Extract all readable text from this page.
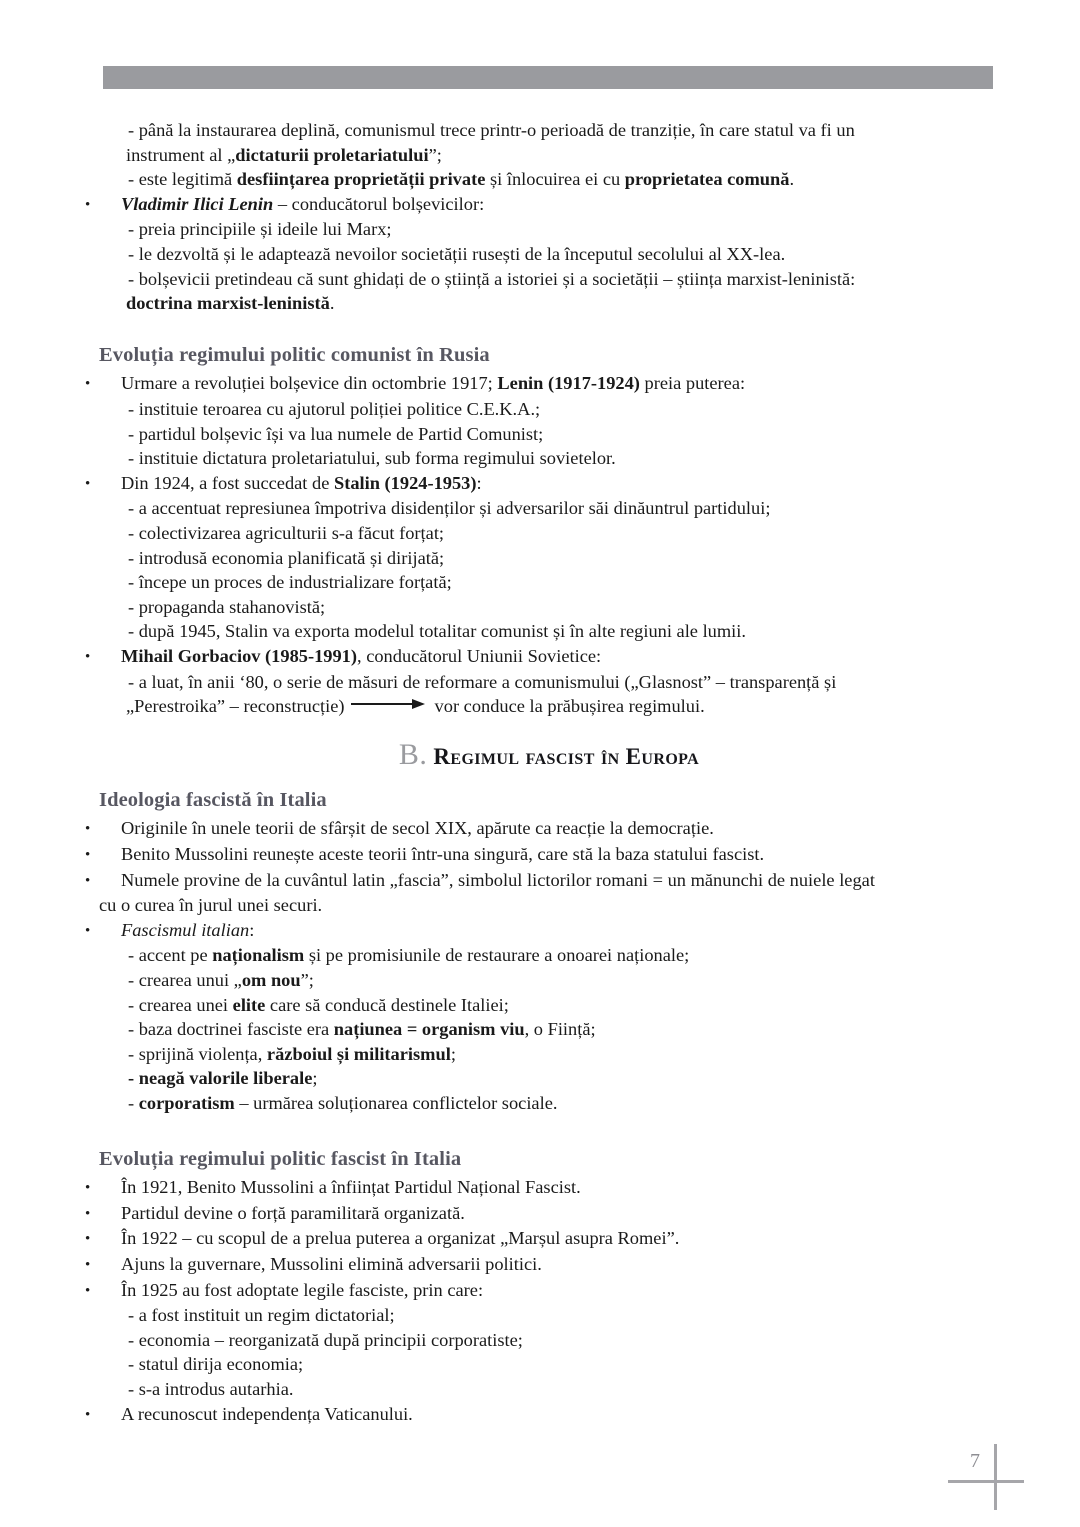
- până la instaurarea deplină, comunismul trece printr-o perioadă de tranziție, în care statul va fi un

instrument al „dictaturii proletariatului”;

- este legitimă desființarea proprietății private și înlocuirea ei cu proprietatea comună.

• Vladimir Ilici Lenin – conducătorul bolșevicilor:

- preia principiile și ideile lui Marx;

- le dezvoltă și le adaptează nevoilor societății rusești de la începutul secolului al XX-lea.

- bolșevicii pretindeau că sunt ghidați de o știință a istoriei și a societății – știința marxist-leninistă:

doctrina marxist-leninistă.

Evoluția regimului politic comunist în Rusia

• Urmare a revoluției bolșevice din octombrie 1917; Lenin (1917-1924) preia puterea:

- instituie teroarea cu ajutorul poliției politice C.E.K.A.;

- partidul bolșevic își va lua numele de Partid Comunist;

- instituie dictatura proletariatului, sub forma regimului sovietelor.

• Din 1924, a fost succedat de Stalin (1924-1953):

- a accentuat represiunea împotriva disidenților și adversarilor săi dinăuntrul partidului;

- colectivizarea agriculturii s-a făcut forțat;

- introdusă economia planificată și dirijată;

- începe un proces de industrializare forțată;

- propaganda stahanovistă;

- după 1945, Stalin va exporta modelul totalitar comunist și în alte regiuni ale lumii.

• Mihail Gorbaciov (1985-1991), conducătorul Uniunii Sovietice:

- a luat, în anii ‘80, o serie de măsuri de reformare a comunismului („Glasnost” – transparență și

„Perestroika” – reconstrucție)	vor conduce la prăbușirea regimului.

B. Regimul fascist în Europa
Ideologia fascistă în Italia

• Originile în unele teorii de sfârșit de secol XIX, apărute ca reacție la democrație.

• Benito Mussolini reunește aceste teorii într-una singură, care stă la baza statului fascist.

• Numele provine de la cuvântul latin „fascia”, simbolul lictorilor romani = un mănunchi de nuiele legat

cu o curea în jurul unei securi.

• Fascismul italian:

- accent pe naționalism și pe promisiunile de restaurare a onoarei naționale;

- crearea unui „om nou”;

- crearea unei elite care să conducă destinele Italiei;

- baza doctrinei fasciste era națiunea = organism viu, o Ființă;

- sprijină violența, războiul și militarismul;

- neagă valorile liberale;

- corporatism – urmărea soluționarea conflictelor sociale.

Evoluția regimului politic fascist în Italia

• În 1921, Benito Mussolini a înființat Partidul Național Fascist.

• Partidul devine o forță paramilitară organizată.

• În 1922 – cu scopul de a prelua puterea a organizat „Marșul asupra Romei”.

• Ajuns la guvernare, Mussolini elimină adversarii politici.

• În 1925 au fost adoptate legile fasciste, prin care:

- a fost instituit un regim dictatorial;

- economia – reorganizată după principii corporatiste;

- statul dirija economia;

- s-a introdus autarhia.

• A recunoscut independența Vaticanului.

7
